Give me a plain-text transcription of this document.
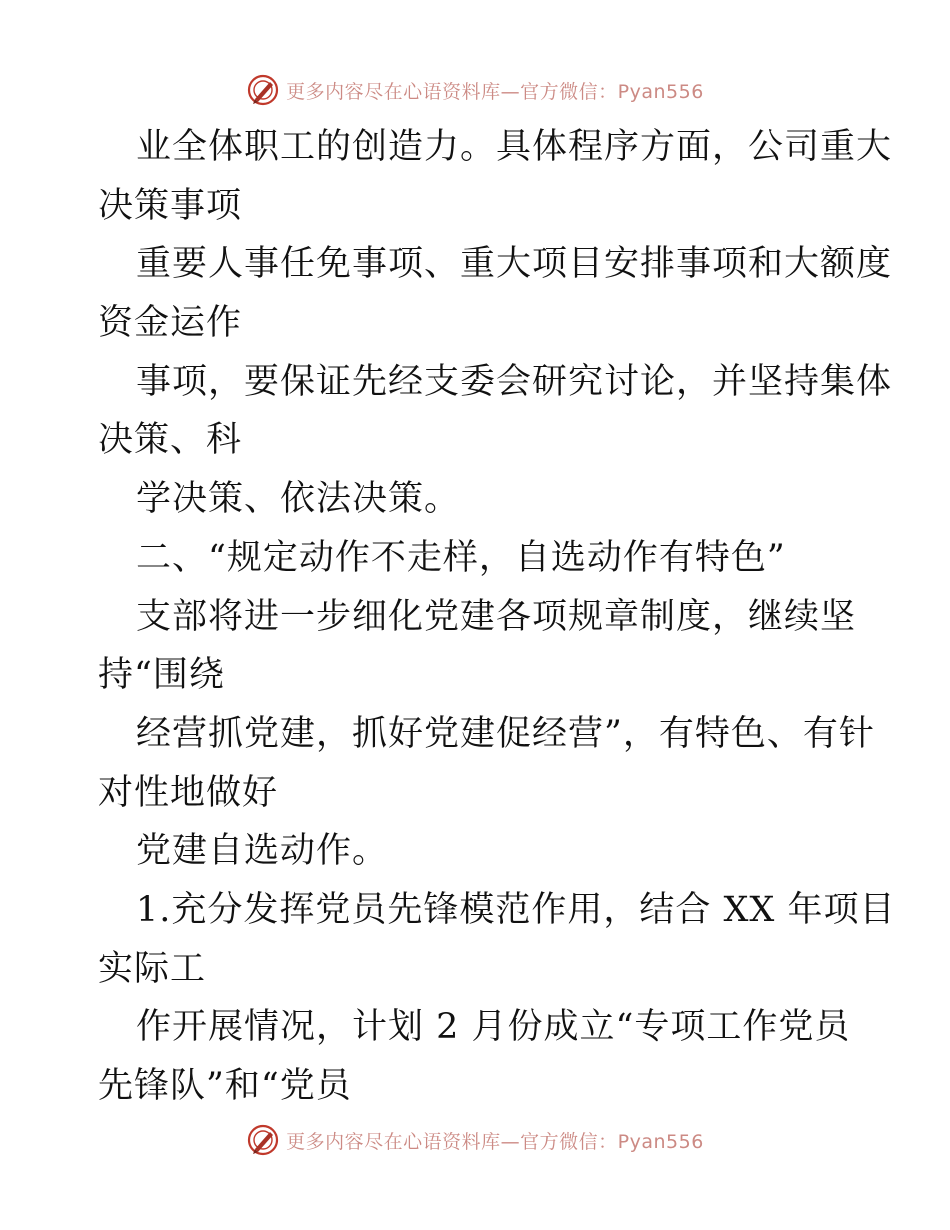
更多内容尽在心语资料库—官方微信：Pyan556
业全体职工的创造力。具体程序方面，公司重大
决策事项
重要人事任免事项、重大项目安排事项和大额度
资金运作
事项，要保证先经支委会研究讨论，并坚持集体
决策、科
学决策、依法决策。
二、“规定动作不走样，自选动作有特色”
支部将进一步细化党建各项规章制度，继续坚
持“围绕
经营抓党建，抓好党建促经营”，有特色、有针
对性地做好
党建自选动作。
1.充分发挥党员先锋模范作用，结合 XX 年项目
实际工
作开展情况，计划 2 月份成立“专项工作党员
先锋队”和“党员
更多内容尽在心语资料库—官方微信：Pyan556
